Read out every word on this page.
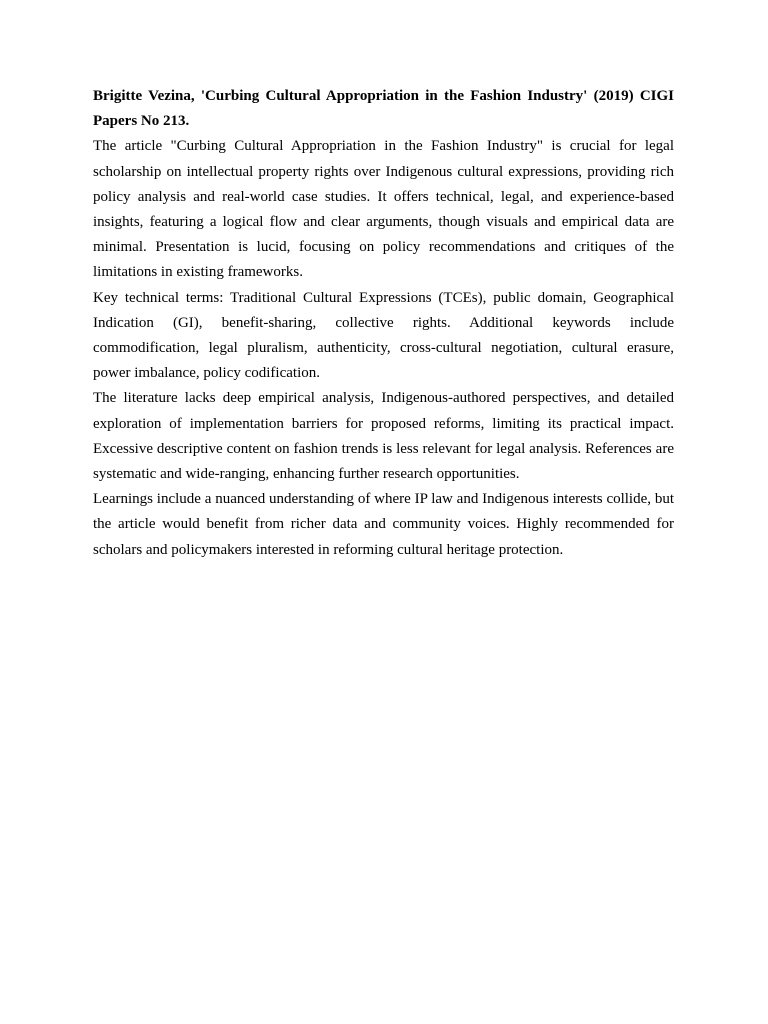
Brigitte Vezina, 'Curbing Cultural Appropriation in the Fashion Industry' (2019) CIGI Papers No 213.

The article "Curbing Cultural Appropriation in the Fashion Industry" is crucial for legal scholarship on intellectual property rights over Indigenous cultural expressions, providing rich policy analysis and real-world case studies. It offers technical, legal, and experience-based insights, featuring a logical flow and clear arguments, though visuals and empirical data are minimal. Presentation is lucid, focusing on policy recommendations and critiques of the limitations in existing frameworks.

Key technical terms: Traditional Cultural Expressions (TCEs), public domain, Geographical Indication (GI), benefit-sharing, collective rights. Additional keywords include commodification, legal pluralism, authenticity, cross-cultural negotiation, cultural erasure, power imbalance, policy codification.

The literature lacks deep empirical analysis, Indigenous-authored perspectives, and detailed exploration of implementation barriers for proposed reforms, limiting its practical impact. Excessive descriptive content on fashion trends is less relevant for legal analysis. References are systematic and wide-ranging, enhancing further research opportunities.

Learnings include a nuanced understanding of where IP law and Indigenous interests collide, but the article would benefit from richer data and community voices. Highly recommended for scholars and policymakers interested in reforming cultural heritage protection.
